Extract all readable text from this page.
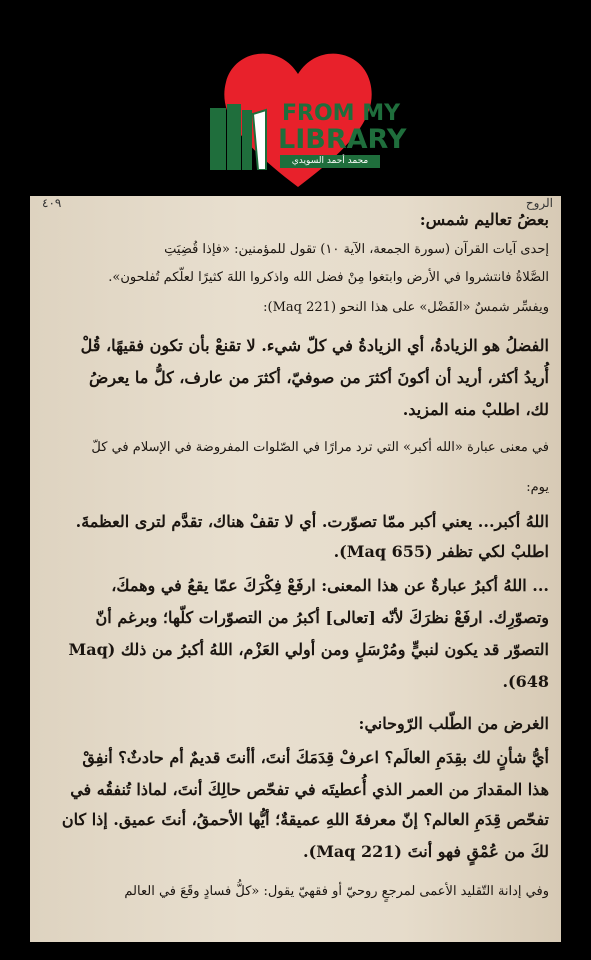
FROM MY
LIBRARY
محمد أحمد السويدي
٤٠٩	الروح
بعضُ تعاليم شمس:
إحدى آيات القرآن (سورة الجمعة، الآية ١٠) تقول للمؤمنين: «فإذا قُضِيَتِ
الصَّلاةُ فانتشروا في الأرض وابتغوا مِنْ فضل الله واذكروا اللهَ كثيرًا لعلّكم تُفلحون».
ويفسِّر شمسٌ «الفَضْل» على هذا النحو (Maq 221):
الفضلُ هو الزيادةُ، أي الزيادةُ في كلّ شيء. لا تقنعْ بأن تكون فقيهًا، قُلْ
أُريدُ أكثر، أريد أن أكونَ أكثرَ من صوفيّ، أكثرَ من عارف، كلُّ ما يعرضُ
لك، اطلبْ منه المزيد.
في معنى عبارة «الله أكبر» التي ترد مرارًا في الصّلوات المفروضة في الإسلام في كلّ
يوم:
اللهُ أكبر... يعني أكبر ممّا تصوّرت. أي لا تقفْ هناك، تقدَّم لترى العظمةَ.
اطلبْ لكي تظفر (Maq 655).
... اللهُ أكبرُ عبارةٌ عن هذا المعنى: ارفَعْ فِكْرَكَ عمّا يقعُ في وهمكَ،
وتصوّرِك. ارفَعْ نظرَكَ لأنّه [تعالى] أكبرُ من التصوّرات كلّها؛ وبرغم أنّ
التصوّر قد يكون لنبيٍّ ومُرْسَلٍ ومن أولي العَزْم، اللهُ أكبرُ من ذلك (Maq
648).
الغرض من الطّلب الرّوحاني:
أيُّ شأنٍ لك بقِدَمِ العالَم؟ اعرفْ قِدَمَكَ أنتَ، أأنتَ قديمٌ أم حادثٌ؟ أنفِقْ
هذا المقدارَ من العمر الذي أُعطيتَه في تفحّص حالِكَ أنتَ، لماذا تُنفقُه في
تفحّص قِدَمِ العالم؟ إنّ معرفةَ اللهِ عميقةٌ؛ أيُّها الأحمقُ، أنتَ عميق. إذا كان
لكَ من عُمْقٍ فهو أنتَ (Maq 221).
وفي إدانة التّقليد الأعمى لمرجعٍ روحيّ أو فقهيّ يقول: «كلُّ فسادٍ وقَعَ في العالم
